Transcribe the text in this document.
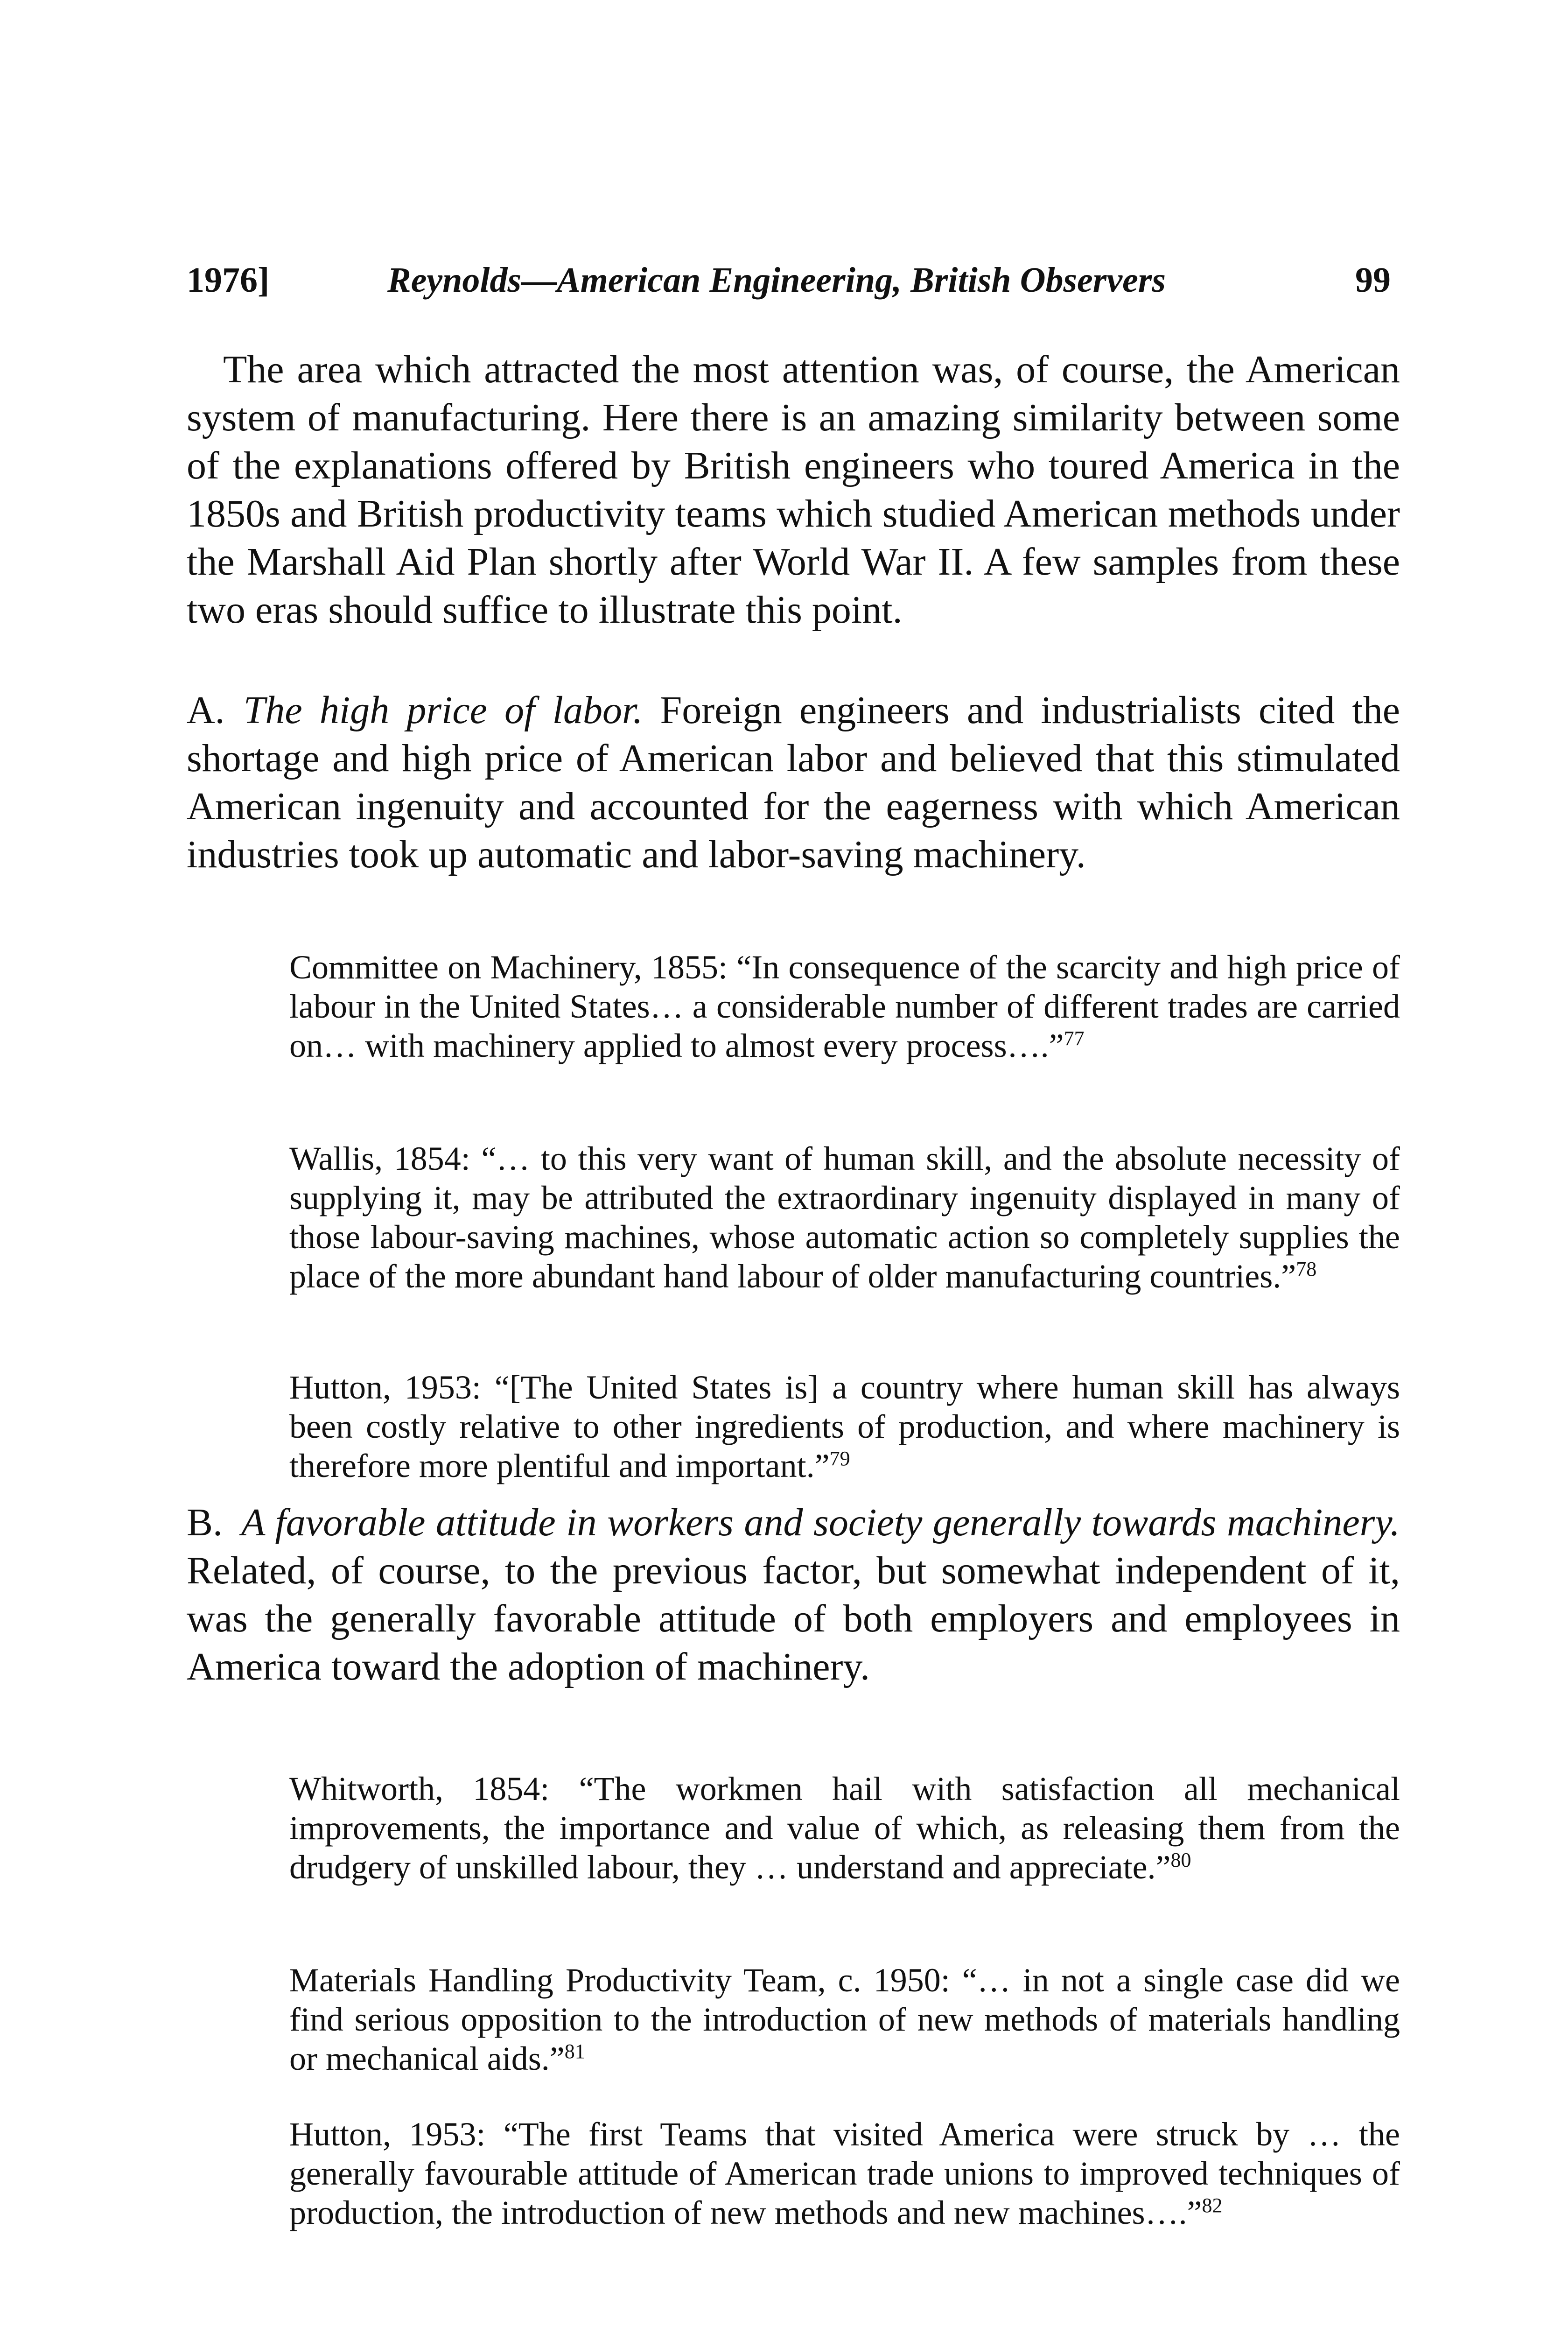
1976]	Reynolds—American Engineering, British Observers	99

The area which attracted the most attention was, of course, the American system of manufacturing. Here there is an amazing similarity between some of the explanations offered by British engineers who toured America in the 1850s and British productivity teams which studied American methods under the Marshall Aid Plan shortly after World War II. A few samples from these two eras should suffice to illustrate this point.

A. The high price of labor. Foreign engineers and industrialists cited the shortage and high price of American labor and believed that this stimulated American ingenuity and accounted for the eagerness with which American industries took up automatic and labor-saving machinery.

Committee on Machinery, 1855: “In consequence of the scarcity and high price of labour in the United States… a considerable number of different trades are carried on… with machinery applied to almost every process….”$^{77}$

Wallis, 1854: “… to this very want of human skill, and the absolute necessity of supplying it, may be attributed the extraordinary ingenuity displayed in many of those labour-saving machines, whose automatic action so completely supplies the place of the more abundant hand labour of older manufacturing countries.”$^{78}$

Hutton, 1953: “[The United States is] a country where human skill has always been costly relative to other ingredients of production, and where machinery is therefore more plentiful and important.”$^{79}$

B. A favorable attitude in workers and society generally towards machinery. Related, of course, to the previous factor, but somewhat independent of it, was the generally favorable attitude of both employers and employees in America toward the adoption of machinery.

Whitworth, 1854: “The workmen hail with satisfaction all mechanical improvements, the importance and value of which, as releasing them from the drudgery of unskilled labour, they … understand and appreciate.”$^{80}$

Materials Handling Productivity Team, c. 1950: “… in not a single case did we find serious opposition to the introduction of new methods of materials handling or mechanical aids.”$^{81}$

Hutton, 1953: “The first Teams that visited America were struck by … the generally favourable attitude of American trade unions to improved techniques of production, the introduction of new methods and new machines….”$^{82}$
